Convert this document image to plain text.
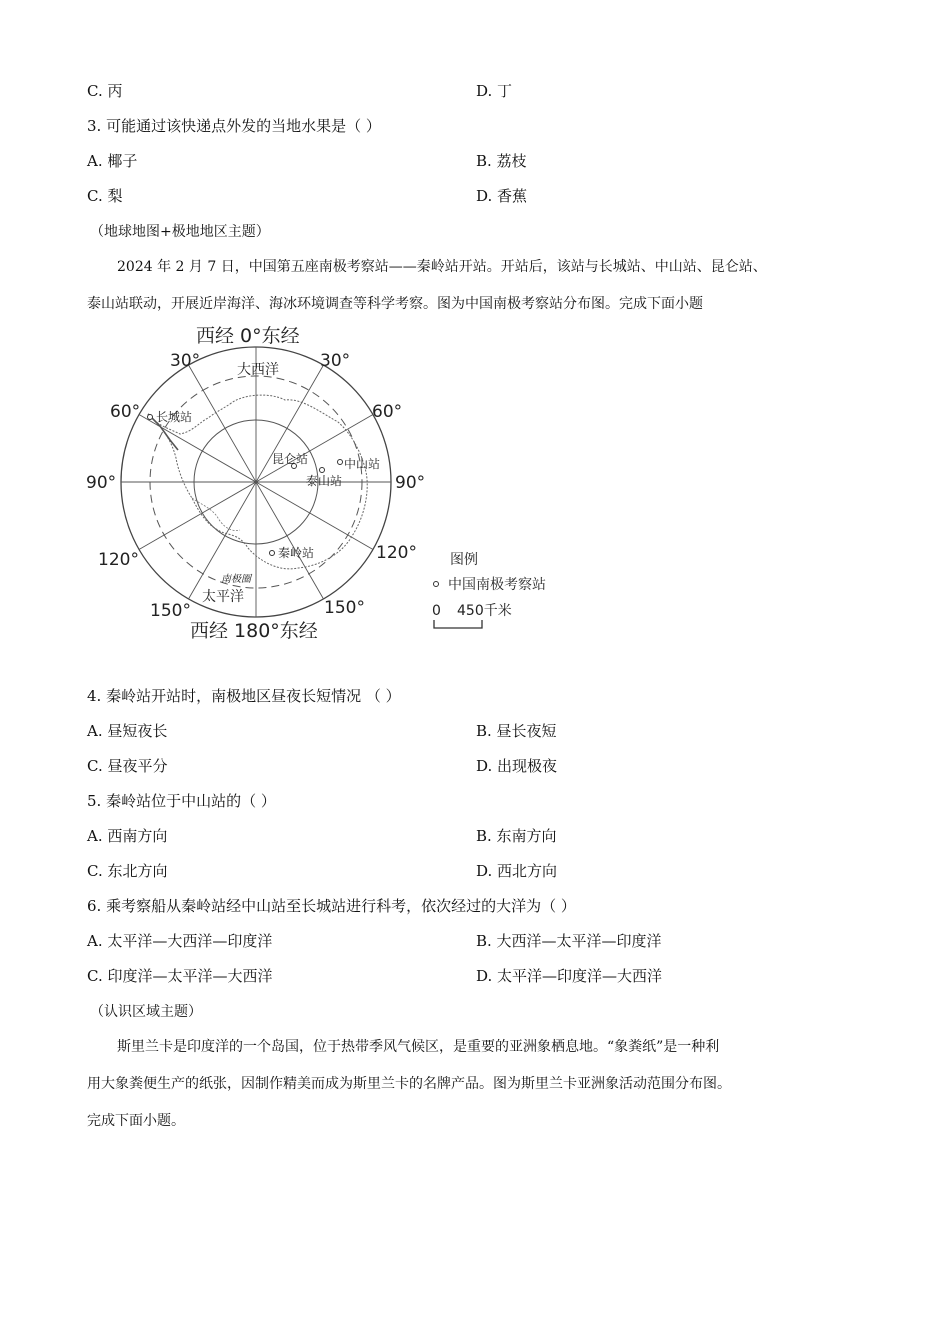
C. 丙	D. 丁
3. 可能通过该快递点外发的当地水果是（ ）
A. 椰子	B. 荔枝
C. 梨	D. 香蕉
（地球地图+极地地区主题）
2024 年 2 月 7 日，中国第五座南极考察站——秦岭站开站。开站后，该站与长城站、中山站、昆仑站、
泰山站联动，开展近岸海洋、海冰环境调查等科学考察。图为中国南极考察站分布图。完成下面小题
西经 0°东经
30°	30°
60°	60°
90°	90°
120°	120°
150°	150°
西经 180°东经
大西洋
太平洋
南极圈
长城站
昆仑站	中山站
泰山站
秦岭站	图例
中国南极考察站
0 450千米
4. 秦岭站开站时，南极地区昼夜长短情况 （ ）
A. 昼短夜长	B. 昼长夜短
C. 昼夜平分	D. 出现极夜
5. 秦岭站位于中山站的（ ）
A. 西南方向	B. 东南方向
C. 东北方向	D. 西北方向
6. 乘考察船从秦岭站经中山站至长城站进行科考，依次经过的大洋为（ ）
A. 太平洋—大西洋—印度洋	B. 大西洋—太平洋—印度洋
C. 印度洋—太平洋—大西洋	D. 太平洋—印度洋—大西洋
（认识区域主题）
斯里兰卡是印度洋的一个岛国，位于热带季风气候区，是重要的亚洲象栖息地。“象粪纸”是一种利
用大象粪便生产的纸张，因制作精美而成为斯里兰卡的名牌产品。图为斯里兰卡亚洲象活动范围分布图。
完成下面小题。
